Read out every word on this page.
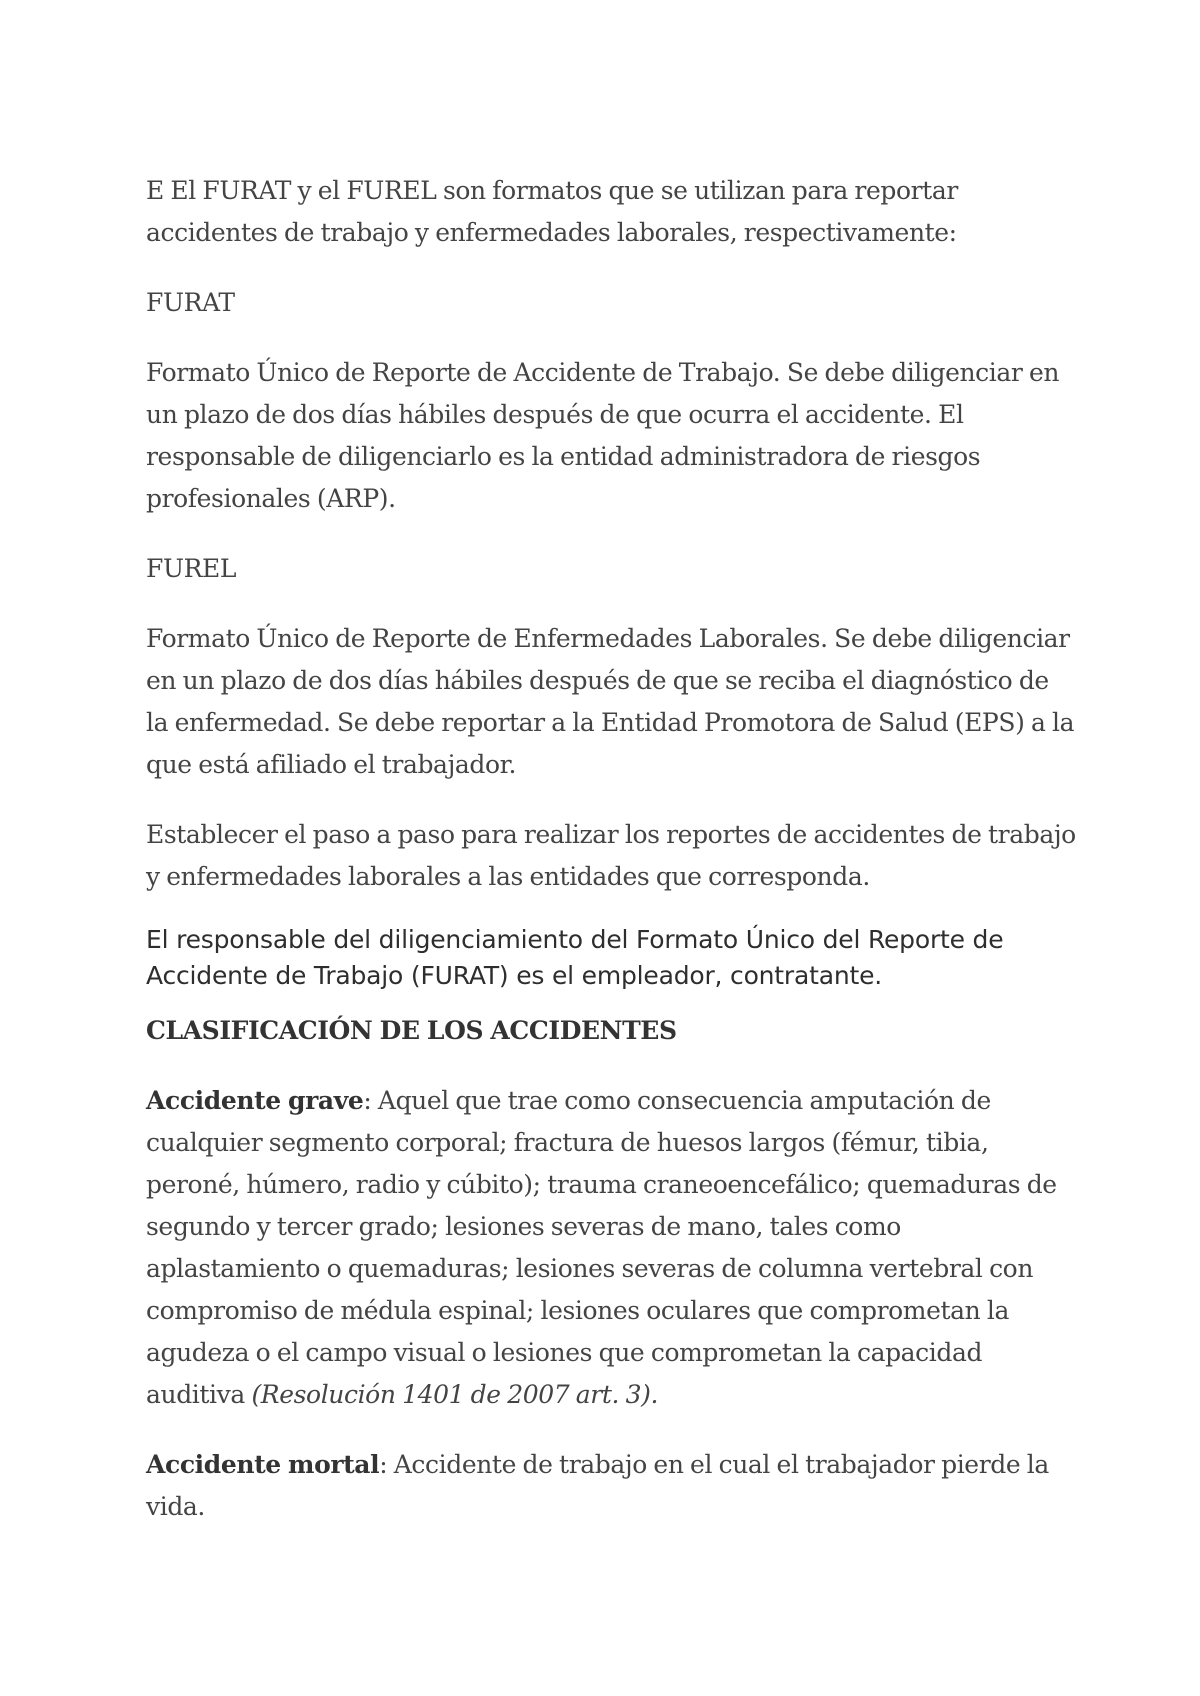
E El FURAT y el FUREL son formatos que se utilizan para reportar accidentes de trabajo y enfermedades laborales, respectivamente:

FURAT

Formato Único de Reporte de Accidente de Trabajo. Se debe diligenciar en un plazo de dos días hábiles después de que ocurra el accidente. El responsable de diligenciarlo es la entidad administradora de riesgos profesionales (ARP).

FUREL

Formato Único de Reporte de Enfermedades Laborales. Se debe diligenciar en un plazo de dos días hábiles después de que se reciba el diagnóstico de la enfermedad. Se debe reportar a la Entidad Promotora de Salud (EPS) a la que está afiliado el trabajador.

Establecer el paso a paso para realizar los reportes de accidentes de trabajo y enfermedades laborales a las entidades que corresponda.

El responsable del diligenciamiento del Formato Único del Reporte de Accidente de Trabajo (FURAT) es el empleador, contratante.

CLASIFICACIÓN DE LOS ACCIDENTES

Accidente grave: Aquel que trae como consecuencia amputación de cualquier segmento corporal; fractura de huesos largos (fémur, tibia, peroné, húmero, radio y cúbito); trauma craneoencefálico; quemaduras de segundo y tercer grado; lesiones severas de mano, tales como aplastamiento o quemaduras; lesiones severas de columna vertebral con compromiso de médula espinal; lesiones oculares que comprometan la agudeza o el campo visual o lesiones que comprometan la capacidad auditiva (Resolución 1401 de 2007 art. 3).

Accidente mortal: Accidente de trabajo en el cual el trabajador pierde la vida.
